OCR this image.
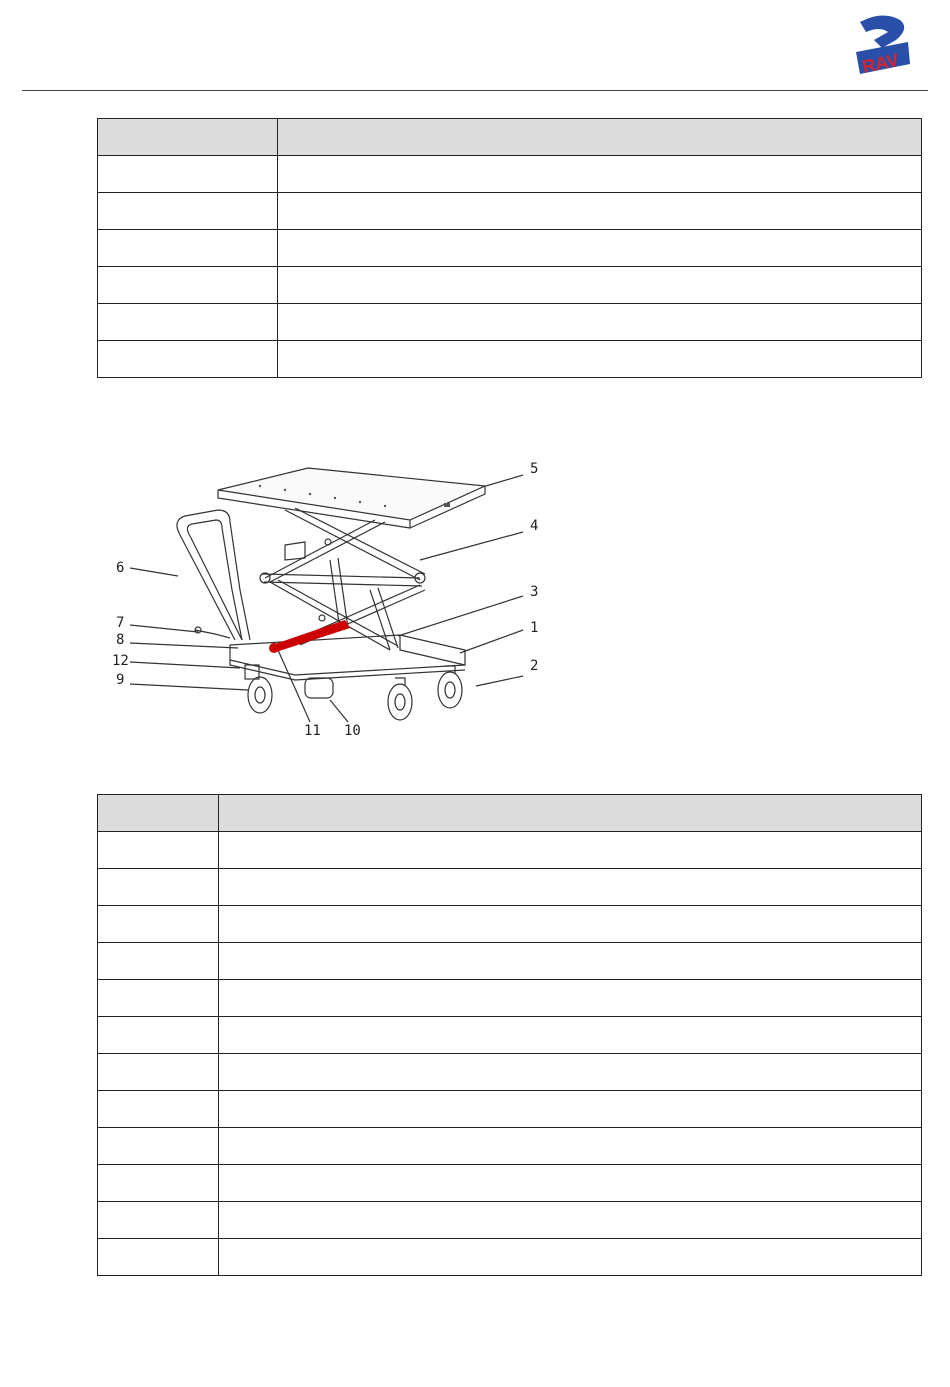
RAV

5
4
3
1
2
6
7
8
12
9
11 10
